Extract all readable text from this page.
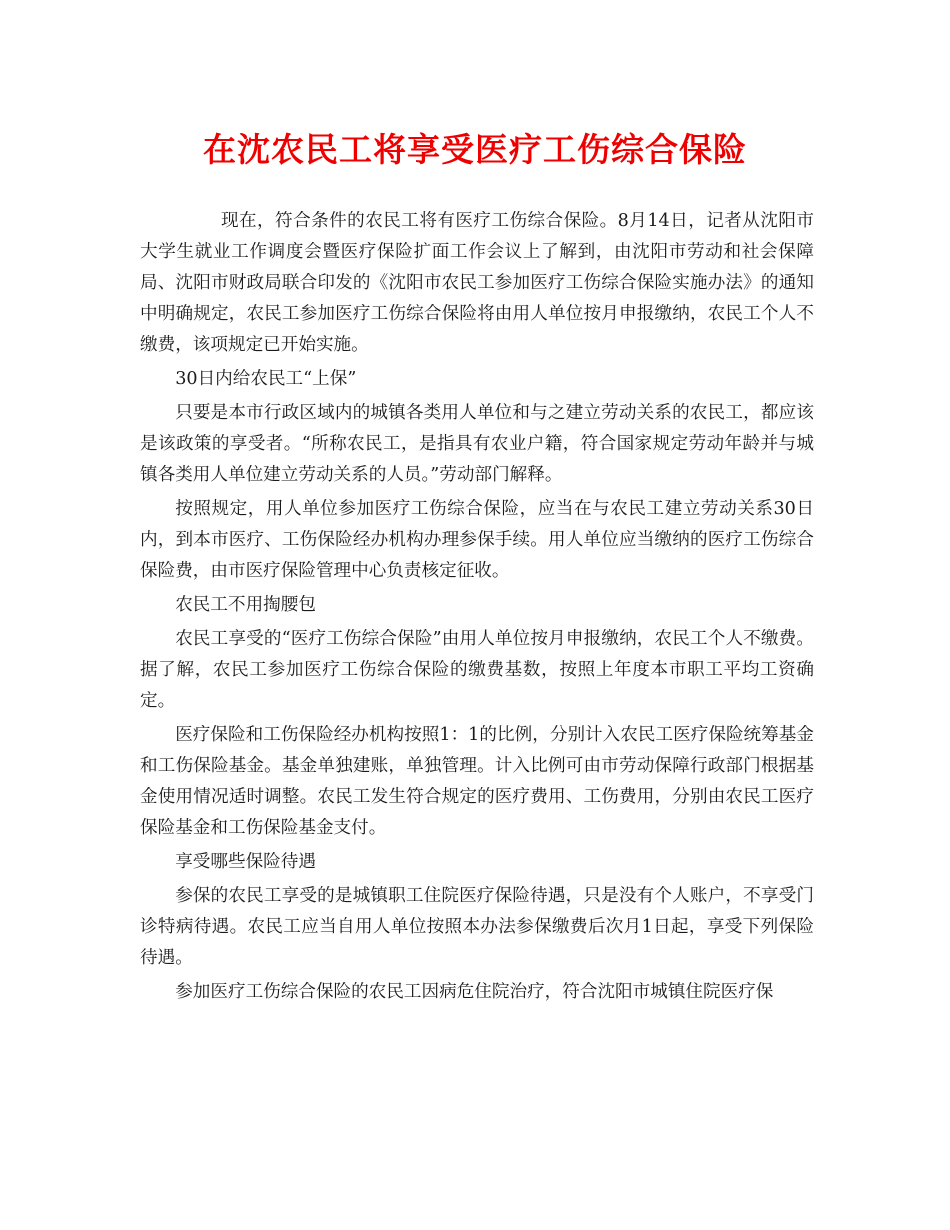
在沈农民工将享受医疗工伤综合保险

现在，符合条件的农民工将有医疗工伤综合保险。8月14日，记者从沈阳市大学生就业工作调度会暨医疗保险扩面工作会议上了解到，由沈阳市劳动和社会保障局、沈阳市财政局联合印发的《沈阳市农民工参加医疗工伤综合保险实施办法》的通知中明确规定，农民工参加医疗工伤综合保险将由用人单位按月申报缴纳，农民工个人不缴费，该项规定已开始实施。

30日内给农民工“上保”

只要是本市行政区域内的城镇各类用人单位和与之建立劳动关系的农民工，都应该是该政策的享受者。“所称农民工，是指具有农业户籍，符合国家规定劳动年龄并与城镇各类用人单位建立劳动关系的人员。”劳动部门解释。

按照规定，用人单位参加医疗工伤综合保险，应当在与农民工建立劳动关系30日内，到本市医疗、工伤保险经办机构办理参保手续。用人单位应当缴纳的医疗工伤综合保险费，由市医疗保险管理中心负责核定征收。

农民工不用掏腰包

农民工享受的“医疗工伤综合保险”由用人单位按月申报缴纳，农民工个人不缴费。据了解，农民工参加医疗工伤综合保险的缴费基数，按照上年度本市职工平均工资确定。

医疗保险和工伤保险经办机构按照1：1的比例，分别计入农民工医疗保险统筹基金和工伤保险基金。基金单独建账，单独管理。计入比例可由市劳动保障行政部门根据基金使用情况适时调整。农民工发生符合规定的医疗费用、工伤费用，分别由农民工医疗保险基金和工伤保险基金支付。

享受哪些保险待遇

参保的农民工享受的是城镇职工住院医疗保险待遇，只是没有个人账户，不享受门诊特病待遇。农民工应当自用人单位按照本办法参保缴费后次月1日起，享受下列保险待遇。

参加医疗工伤综合保险的农民工因病危住院治疗，符合沈阳市城镇住院医疗保
